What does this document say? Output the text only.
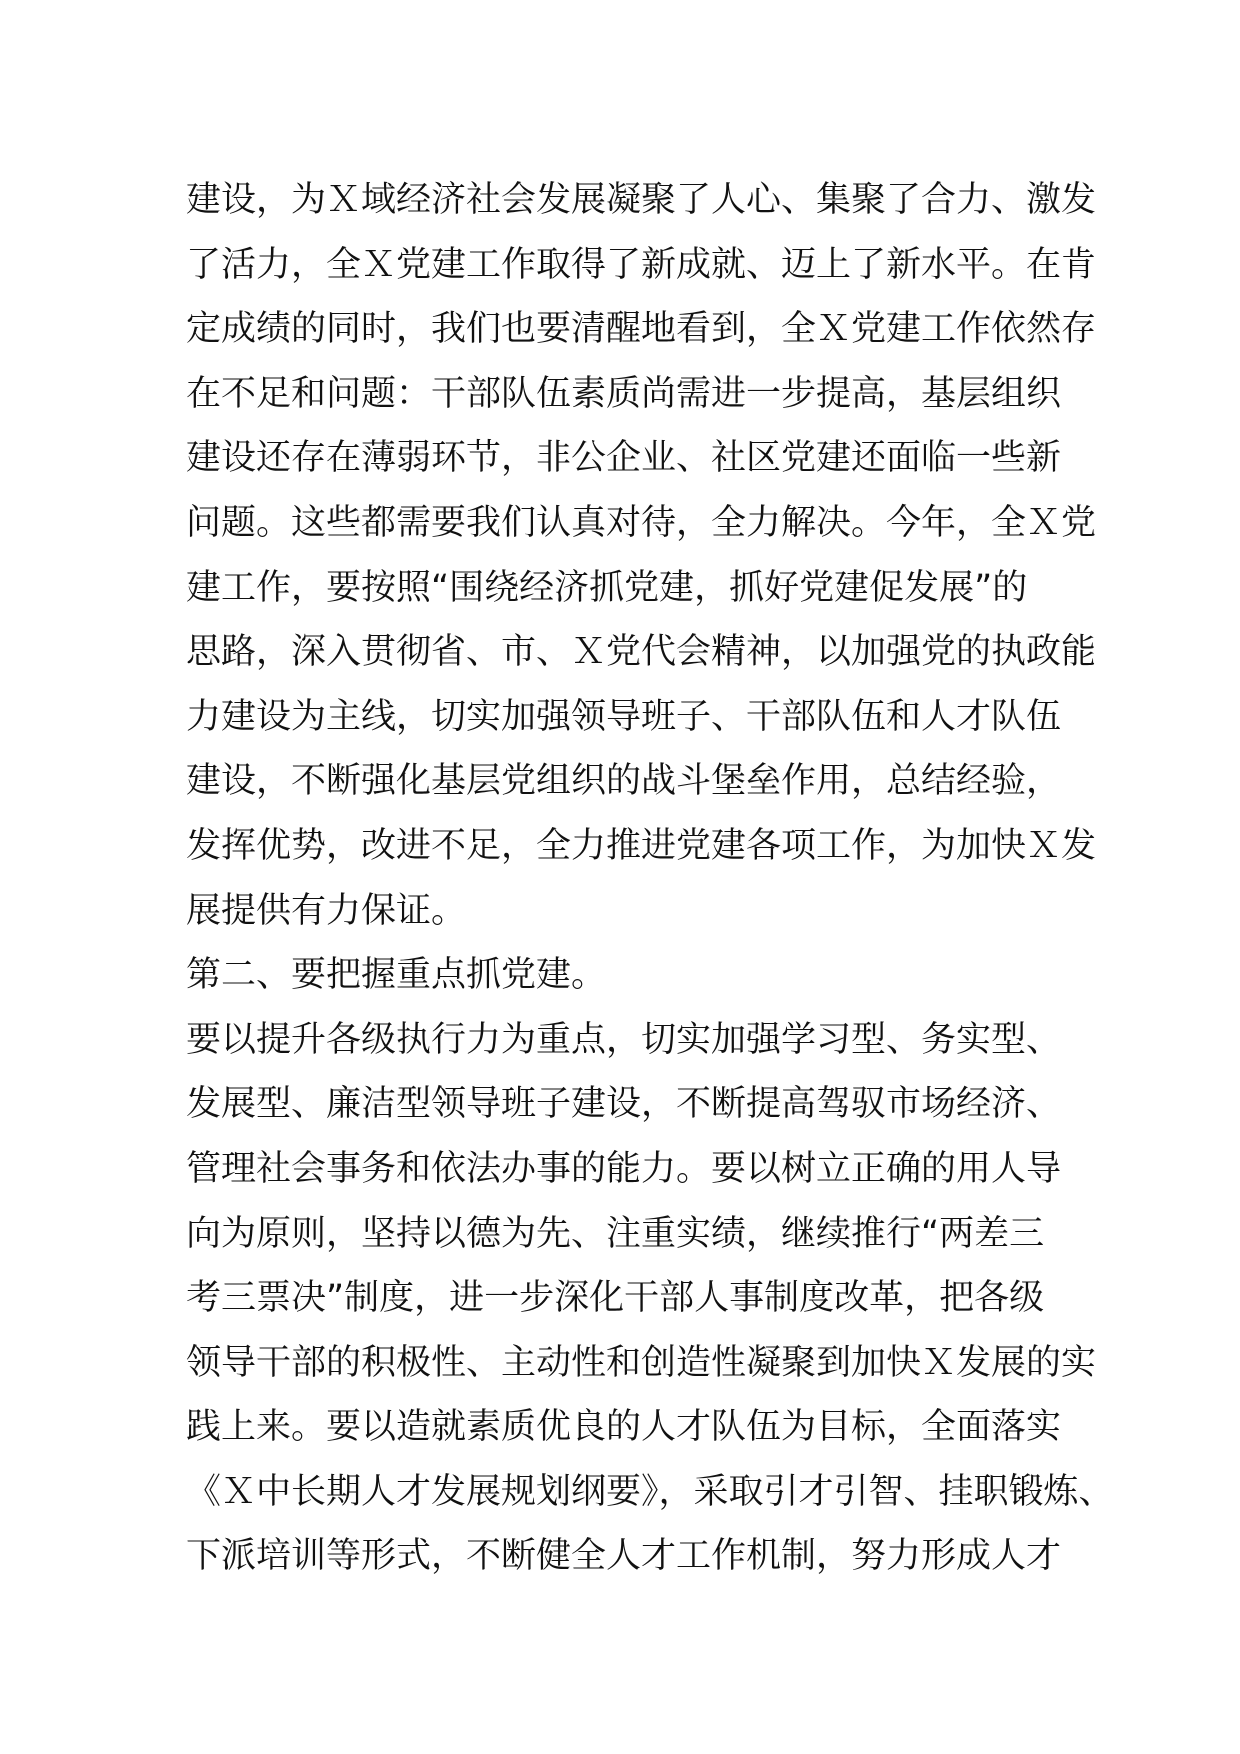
建设，为Ｘ域经济社会发展凝聚了人心、集聚了合力、激发
了活力，全Ｘ党建工作取得了新成就、迈上了新水平。在肯
定成绩的同时，我们也要清醒地看到，全Ｘ党建工作依然存
在不足和问题：干部队伍素质尚需进一步提高，基层组织
建设还存在薄弱环节，非公企业、社区党建还面临一些新
问题。这些都需要我们认真对待，全力解决。今年，全Ｘ党
建工作，要按照“围绕经济抓党建，抓好党建促发展”的
思路，深入贯彻省、市、Ｘ党代会精神，以加强党的执政能
力建设为主线，切实加强领导班子、干部队伍和人才队伍
建设，不断强化基层党组织的战斗堡垒作用，总结经验，
发挥优势，改进不足，全力推进党建各项工作，为加快Ｘ发
展提供有力保证。
第二、要把握重点抓党建。
要以提升各级执行力为重点，切实加强学习型、务实型、
发展型、廉洁型领导班子建设，不断提高驾驭市场经济、
管理社会事务和依法办事的能力。要以树立正确的用人导
向为原则，坚持以德为先、注重实绩，继续推行“两差三
考三票决”制度，进一步深化干部人事制度改革，把各级
领导干部的积极性、主动性和创造性凝聚到加快Ｘ发展的实
践上来。要以造就素质优良的人才队伍为目标，全面落实
《Ｘ中长期人才发展规划纲要》，采取引才引智、挂职锻炼、
下派培训等形式，不断健全人才工作机制，努力形成人才
